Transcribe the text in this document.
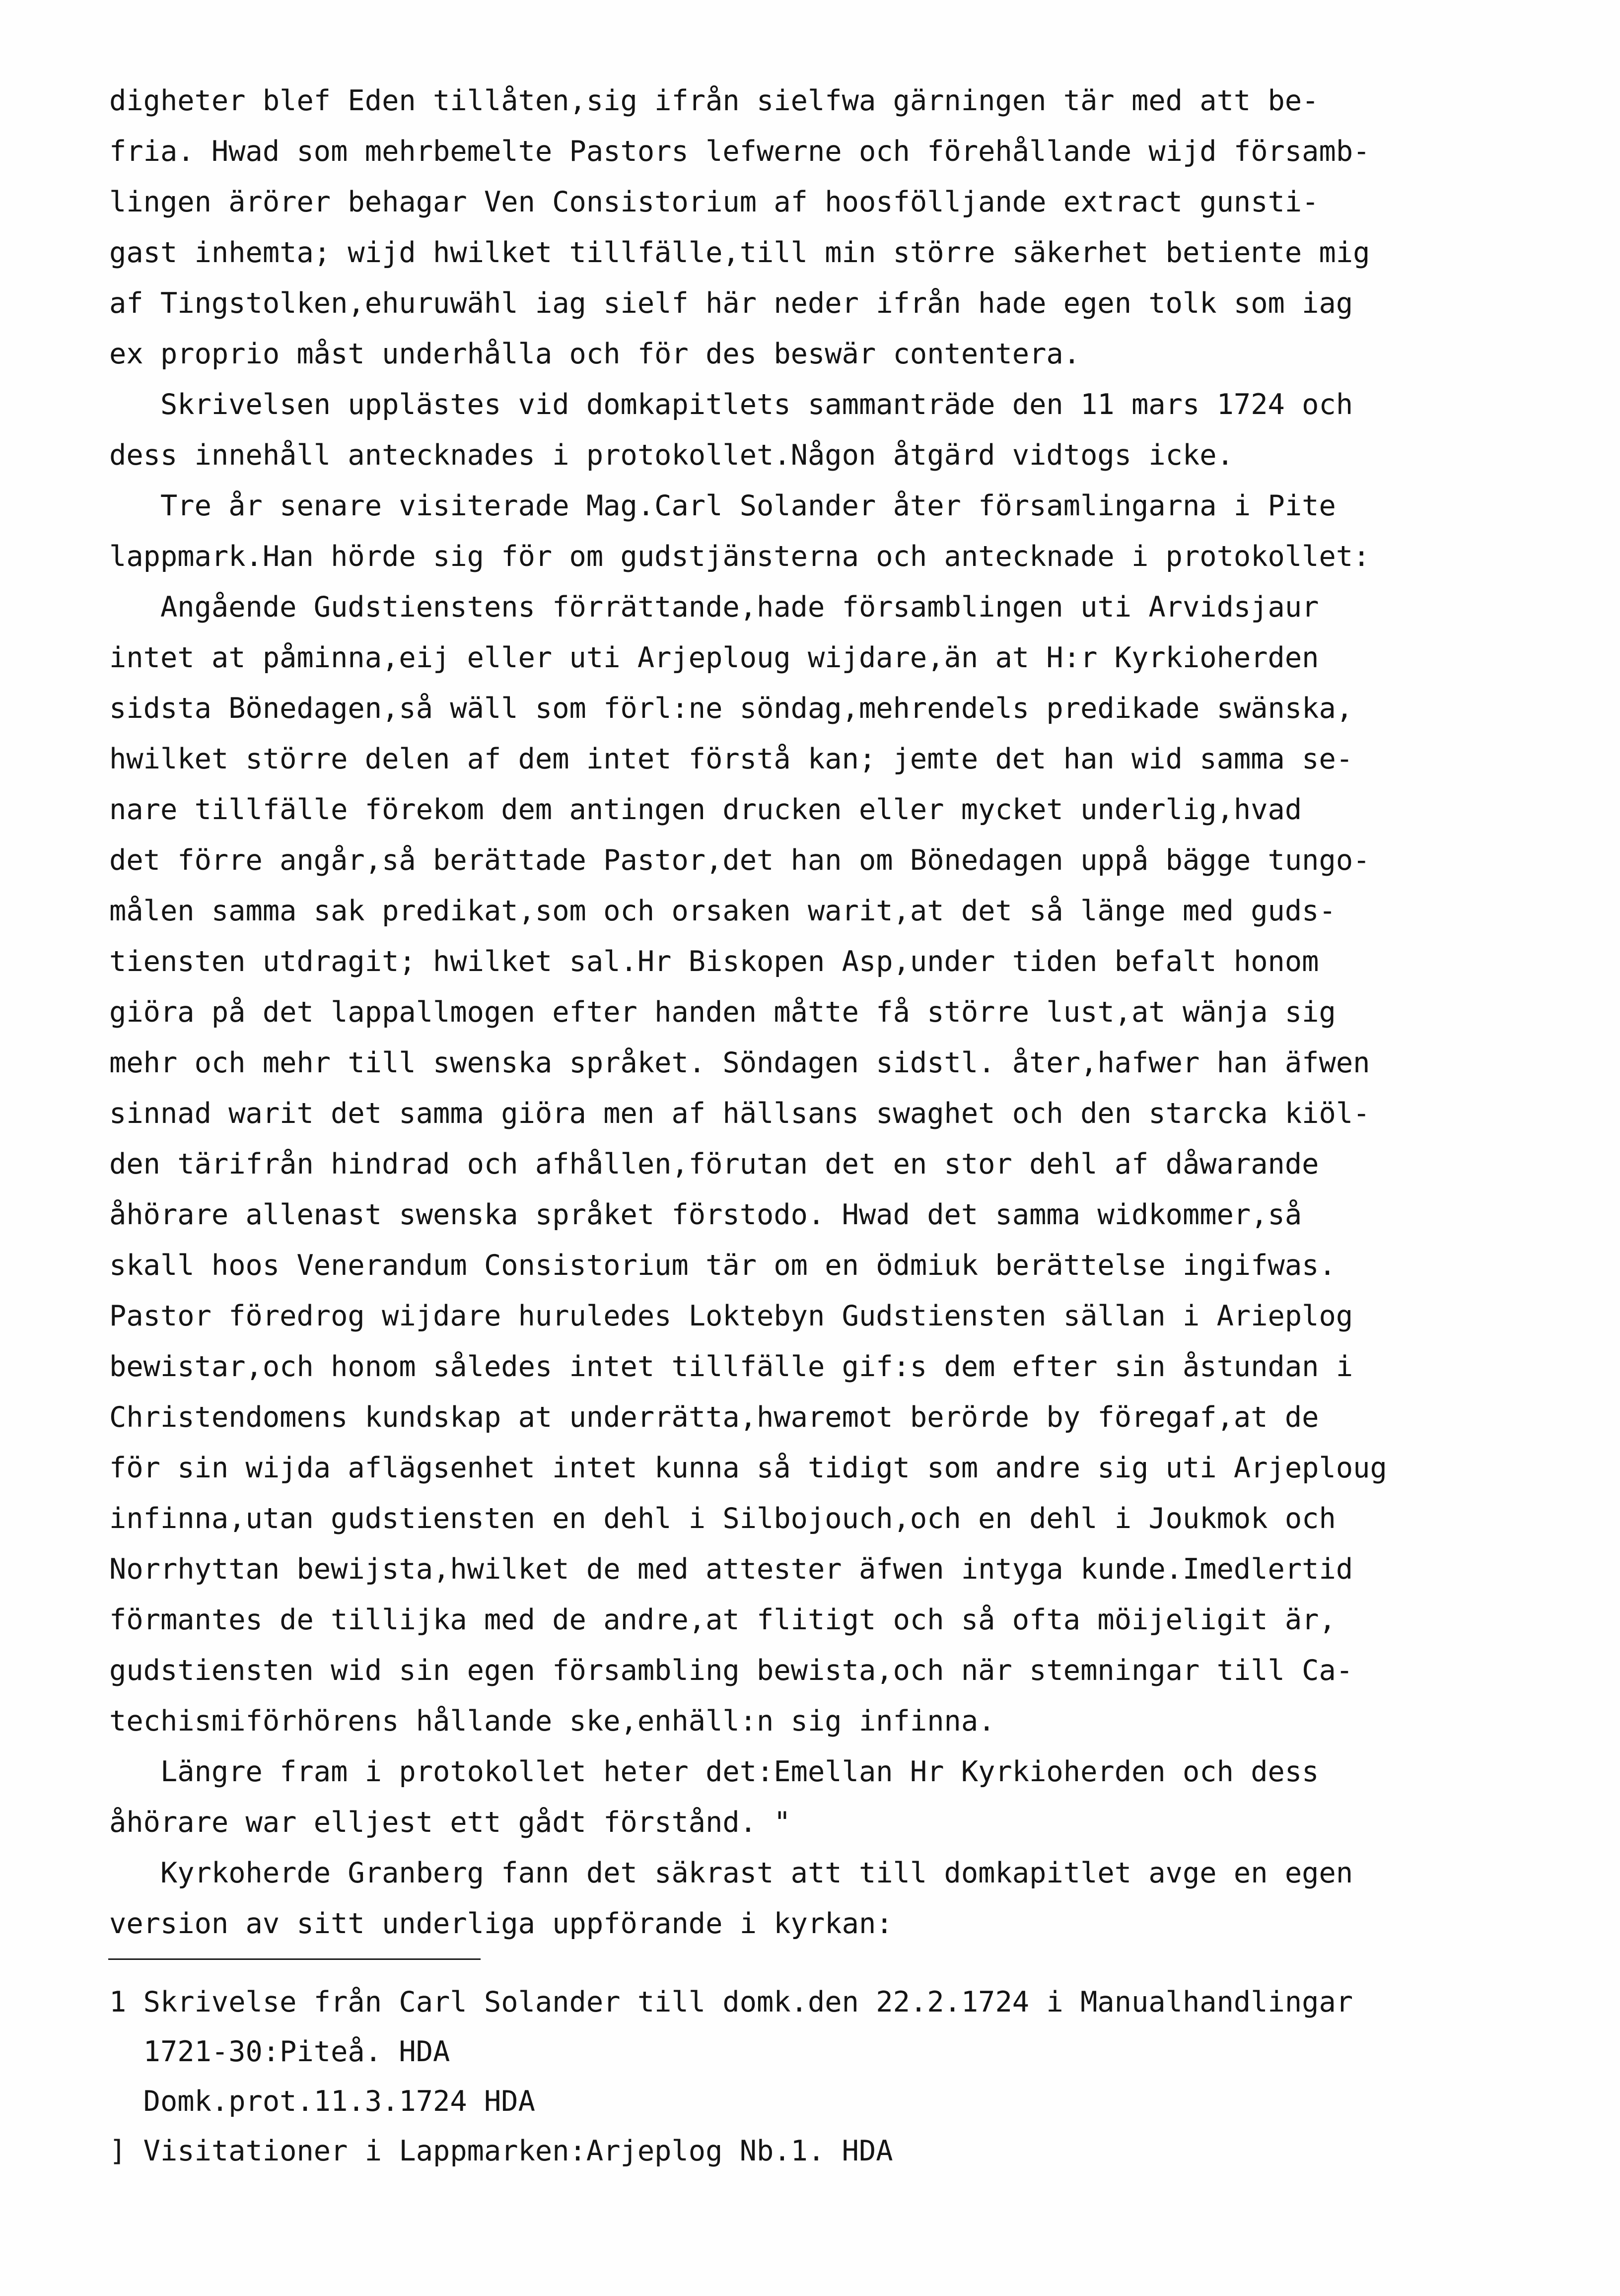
digheter blef Eden tillåten,sig ifrån sielfwa gärningen tär med att be-
fria. Hwad som mehrbemelte Pastors lefwerne och förehållande wijd församb-
lingen ärörer behagar Ven Consistorium af hoosfölljande extract gunsti-
gast inhemta; wijd hwilket tillfälle,till min större säkerhet betiente mig
af Tingstolken,ehuruwähl iag sielf här neder ifrån hade egen tolk som iag
ex proprio måst underhålla och för des beswär contentera.
Skrivelsen upplästes vid domkapitlets sammanträde den 11 mars 1724 och
dess innehåll antecknades i protokollet.Någon åtgärd vidtogs icke.
Tre år senare visiterade Mag.Carl Solander åter församlingarna i Pite
lappmark.Han hörde sig för om gudstjänsterna och antecknade i protokollet:
Angående Gudstienstens förrättande,hade församblingen uti Arvidsjaur
intet at påminna,eij eller uti Arjeploug wijdare,än at H:r Kyrkioherden
sidsta Bönedagen,så wäll som förl:ne söndag,mehrendels predikade swänska,
hwilket större delen af dem intet förstå kan; jemte det han wid samma se-
nare tillfälle förekom dem antingen drucken eller mycket underlig,hvad
det förre angår,så berättade Pastor,det han om Bönedagen uppå bägge tungo-
målen samma sak predikat,som och orsaken warit,at det så länge med guds-
tiensten utdragit; hwilket sal.Hr Biskopen Asp,under tiden befalt honom
giöra på det lappallmogen efter handen måtte få större lust,at wänja sig
mehr och mehr till swenska språket. Söndagen sidstl. åter,hafwer han äfwen
sinnad warit det samma giöra men af hällsans swaghet och den starcka kiöl-
den tärifrån hindrad och afhållen,förutan det en stor dehl af dåwarande
åhörare allenast swenska språket förstodo. Hwad det samma widkommer,så
skall hoos Venerandum Consistorium tär om en ödmiuk berättelse ingifwas.
Pastor föredrog wijdare huruledes Loktebyn Gudstiensten sällan i Arieplog
bewistar,och honom således intet tillfälle gif:s dem efter sin åstundan i
Christendomens kundskap at underrätta,hwaremot berörde by föregaf,at de
för sin wijda aflägsenhet intet kunna så tidigt som andre sig uti Arjeploug
infinna,utan gudstiensten en dehl i Silbojouch,och en dehl i Joukmok och
Norrhyttan bewijsta,hwilket de med attester äfwen intyga kunde.Imedlertid
förmantes de tillijka med de andre,at flitigt och så ofta möijeligit är,
gudstiensten wid sin egen försambling bewista,och när stemningar till Ca-
techismiförhörens hållande ske,enhäll:n sig infinna.
Längre fram i protokollet heter det:Emellan Hr Kyrkioherden och dess
åhörare war elljest ett gådt förstånd. "
Kyrkoherde Granberg fann det säkrast att till domkapitlet avge en egen
version av sitt underliga uppförande i kyrkan:
1 Skrivelse från Carl Solander till domk.den 22.2.1724 i Manualhandlingar
1721-30:Piteå. HDA
Domk.prot.11.3.1724 HDA
] Visitationer i Lappmarken:Arjeplog Nb.1. HDA
